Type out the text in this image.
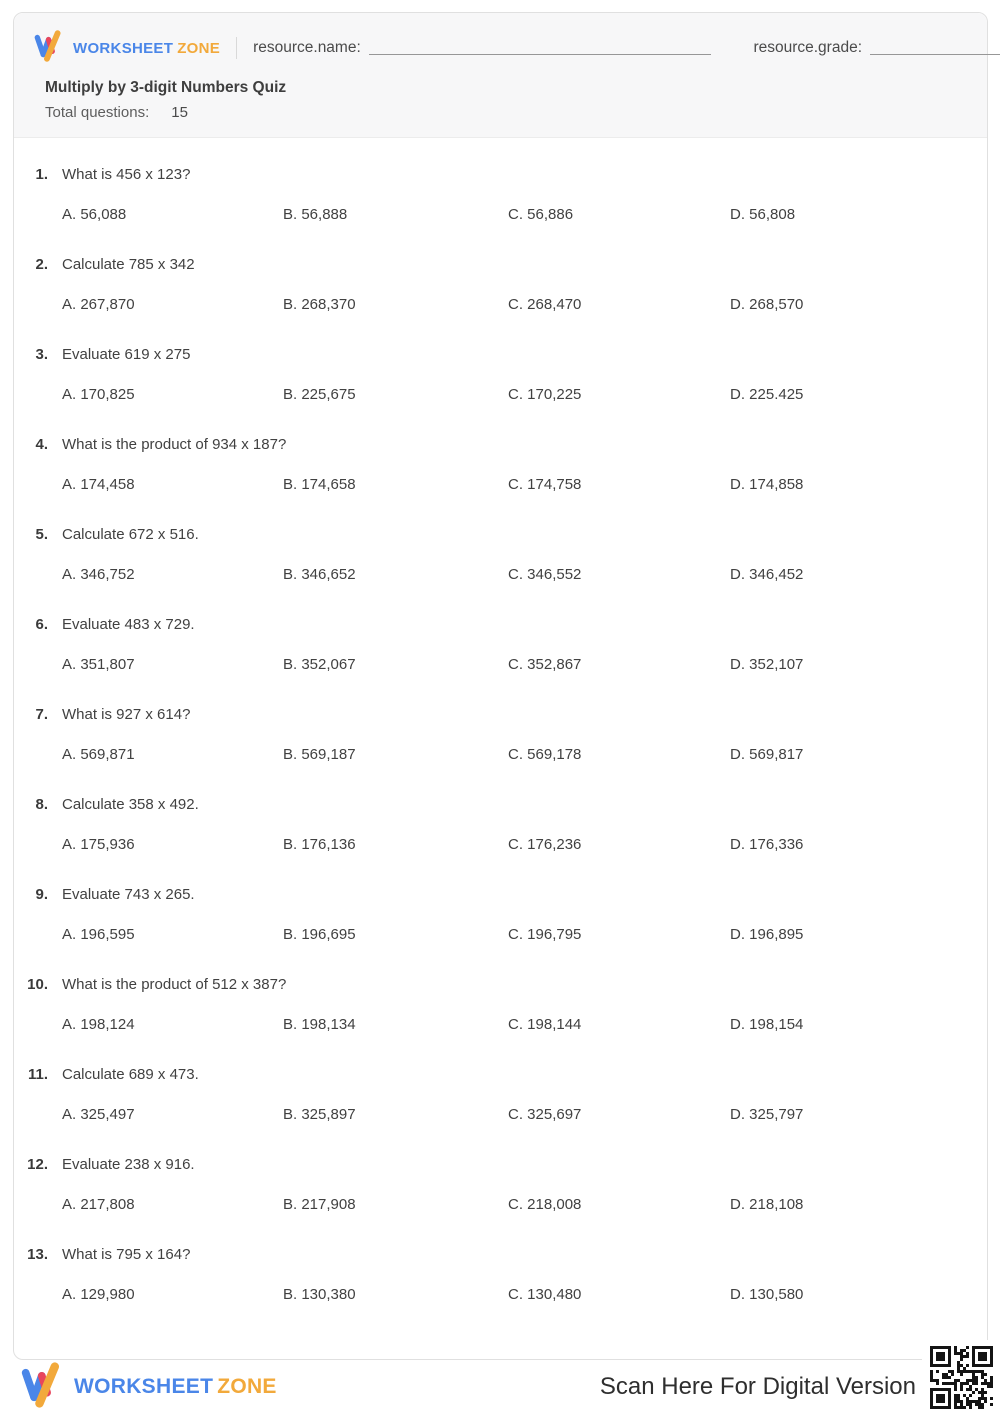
WORKSHEET ZONE resource.name:	resource.grade:
Multiply by 3-digit Numbers Quiz
Total questions: 15
1. What is 456 x 123?
A. 56,088	B. 56,888	C. 56,886	D. 56,808
2. Calculate 785 x 342
A. 267,870	B. 268,370	C. 268,470	D. 268,570
3. Evaluate 619 x 275
A. 170,825	B. 225,675	C. 170,225	D. 225.425
4. What is the product of 934 x 187?
A. 174,458	B. 174,658	C. 174,758	D. 174,858
5. Calculate 672 x 516.
A. 346,752	B. 346,652	C. 346,552	D. 346,452
6. Evaluate 483 x 729.
A. 351,807	B. 352,067	C. 352,867	D. 352,107
7. What is 927 x 614?
A. 569,871	B. 569,187	C. 569,178	D. 569,817
8. Calculate 358 x 492.
A. 175,936	B. 176,136	C. 176,236	D. 176,336
9. Evaluate 743 x 265.
A. 196,595	B. 196,695	C. 196,795	D. 196,895
10. What is the product of 512 x 387?
A. 198,124	B. 198,134	C. 198,144	D. 198,154
11. Calculate 689 x 473.
A. 325,497	B. 325,897	C. 325,697	D. 325,797
12. Evaluate 238 x 916.
A. 217,808	B. 217,908	C. 218,008	D. 218,108
13. What is 795 x 164?
A. 129,980	B. 130,380	C. 130,480	D. 130,580
WORKSHEET ZONE	Scan Here For Digital Version
